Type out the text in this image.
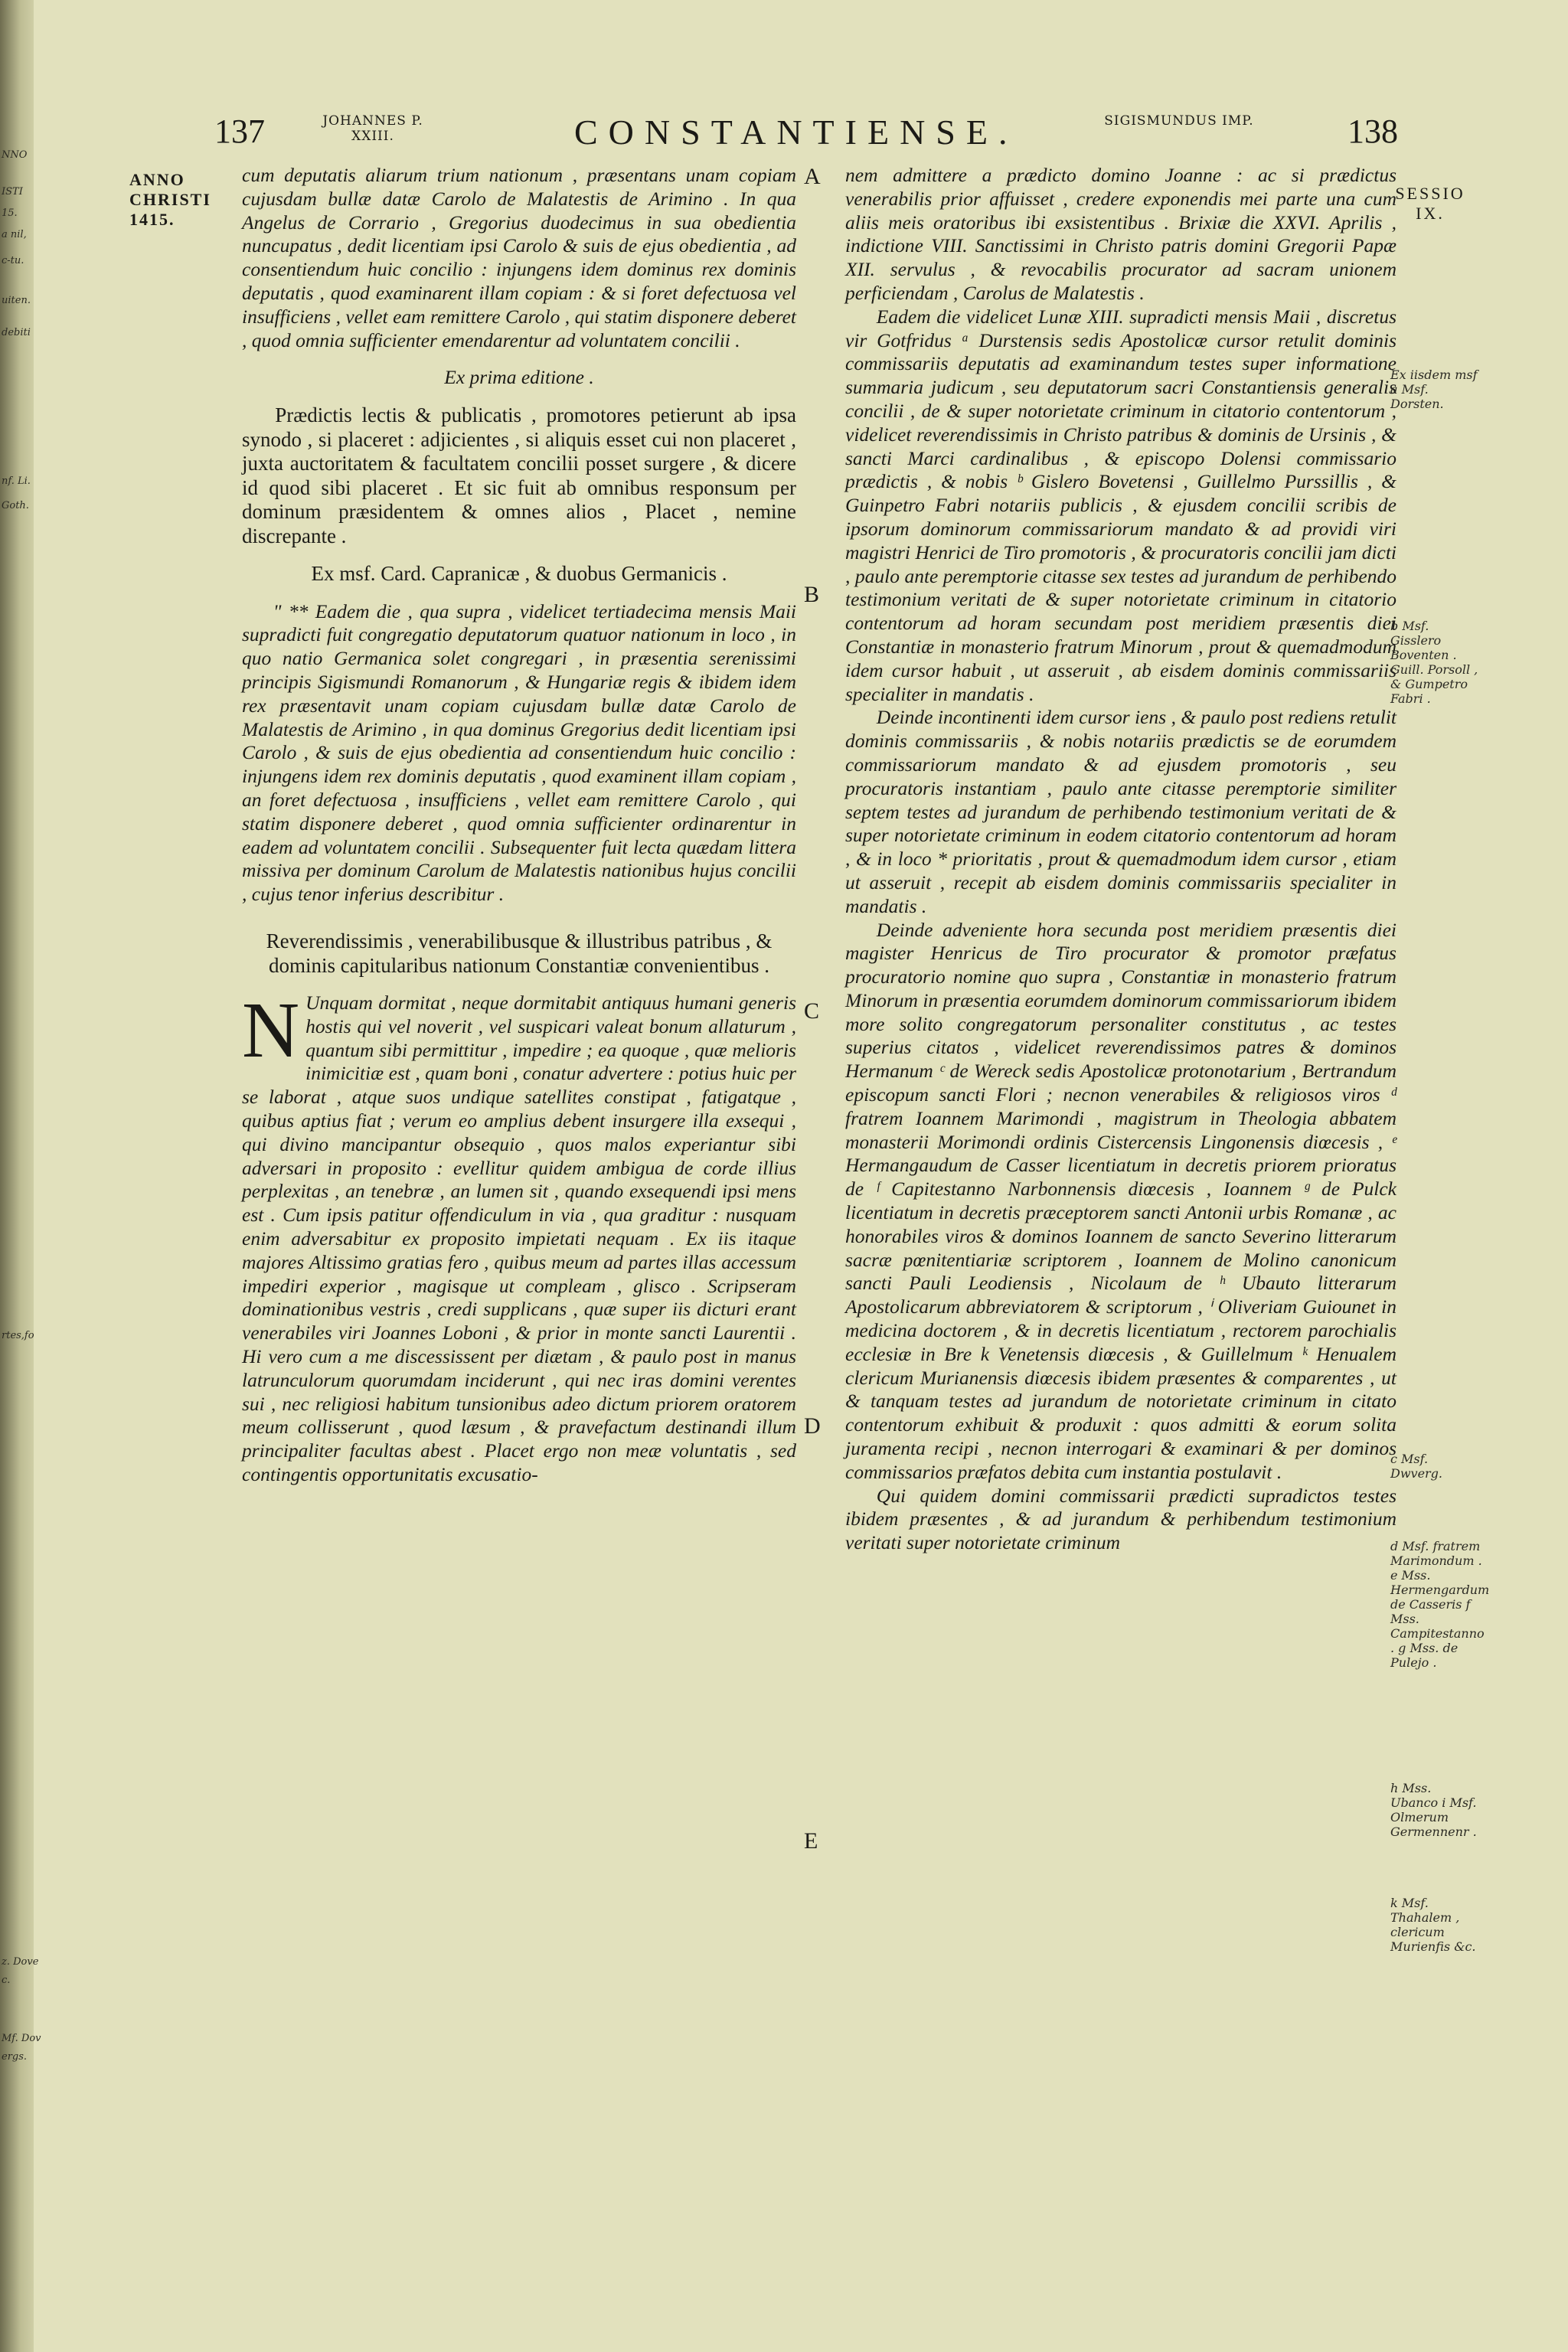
137	JOHANNES P. XXIII.	CONSTANTIENSE.	SIGISMUNDUS IMP.	138
ANNO
CHRISTI
1415.
SESSIO
IX.

cum deputatis aliarum trium nationum , præsentans unam copiam cujusdam bullæ datæ Carolo de Malatestis de Arimino . In qua Angelus de Corrario , Gregorius duodecimus in sua obedientia nuncupatus , dedit licentiam ipsi Carolo & suis de ejus obedientia , ad consentiendum huic concilio : injungens idem dominus rex dominis deputatis , quod examinarent illam copiam : & si foret defectuosa vel insufficiens , vellet eam remittere Carolo , qui statim disponere deberet , quod omnia sufficienter emendarentur ad voluntatem concilii .

Ex prima editione .

Prædictis lectis & publicatis , promotores petierunt ab ipsa synodo , si placeret : adjicientes , si aliquis esset cui non placeret , juxta auctoritatem & facultatem concilii posset surgere , & dicere id quod sibi placeret . Et sic fuit ab omnibus responsum per dominum præsidentem & omnes alios , Placet , nemine discrepante .

Ex msf. Card. Capranicæ , & duobus Germanicis .

" ** Eadem die , qua supra , videlicet tertiadecima mensis Maii supradicti fuit congregatio deputatorum quatuor nationum in loco , in quo natio Germanica solet congregari , in præsentia serenissimi principis Sigismundi Romanorum , & Hungariæ regis & ibidem idem rex præsentavit unam copiam cujusdam bullæ datæ Carolo de Malatestis de Arimino , in qua dominus Gregorius dedit licentiam ipsi Carolo , & suis de ejus obedientia ad consentiendum huic concilio : injungens idem rex dominis deputatis , quod examinent illam copiam , an foret defectuosa , insufficiens , vellet eam remittere Carolo , qui statim disponere deberet , quod omnia sufficienter ordinarentur in eadem ad voluntatem concilii . Subsequenter fuit lecta quædam littera missiva per dominum Carolum de Malatestis nationibus hujus concilii , cujus tenor inferius describitur .

Reverendissimis , venerabilibusque & illustribus patribus , & dominis capitularibus nationum Constantiæ convenientibus .

N Unquam dormitat , neque dormitabit antiquus humani generis hostis qui vel noverit , vel suspicari valeat bonum allaturum , quantum sibi permittitur , impedire ; ea quoque , quæ melioris inimicitiæ est , quam boni , conatur advertere : potius huic per se laborat , atque suos undique satellites constipat , fatigatque , quibus aptius fiat ; verum eo amplius debent insurgere illa exsequi , qui divino mancipantur obsequio , quos malos experiantur sibi adversari in proposito : evellitur quidem ambigua de corde illius perplexitas , an tenebræ , an lumen sit , quando exsequendi ipsi mens est . Cum ipsis patitur offendiculum in via , qua graditur : nusquam enim adversabitur ex proposito impietati nequam . Ex iis itaque majores Altissimo gratias fero , quibus meum ad partes illas accessum impediri experior , magisque ut compleam , glisco . Scripseram dominationibus vestris , credi supplicans , quæ super iis dicturi erant venerabiles viri Joannes Loboni , & prior in monte sancti Laurentii . Hi vero cum a me discessissent per diætam , & paulo post in manus latrunculorum quorumdam inciderunt , qui nec iras domini verentes sui , nec religiosi habitum tunsionibus adeo dictum priorem oratorem meum collisserunt , quod læsum , & pravefactum destinandi illum principaliter facultas abest . Placet ergo non meæ voluntatis , sed contingentis opportunitatis excusatio-

nem admittere a prædicto domino Joanne : ac si prædictus venerabilis prior affuisset , credere exponendis mei parte una cum aliis meis oratoribus ibi exsistentibus . Brixiæ die XXVI. Aprilis , indictione VIII. Sanctissimi in Christo patris domini Gregorii Papæ XII. servulus , & revocabilis procurator ad sacram unionem perficiendam , Carolus de Malatestis .

Eadem die videlicet Lunæ XIII. supradicti mensis Maii , discretus vir Gotfridus ᵃ Durstensis sedis Apostolicæ cursor retulit dominis commissariis deputatis ad examinandum testes super informatione summaria judicum , seu deputatorum sacri Constantiensis generalis concilii , de & super notorietate criminum in citatorio contentorum , videlicet reverendissimis in Christo patribus & dominis de Ursinis , & sancti Marci cardinalibus , & episcopo Dolensi commissario prædictis , & nobis ᵇ Gislero Bovetensi , Guillelmo Purssillis , & Guinpetro Fabri notariis publicis , & ejusdem concilii scribis de ipsorum dominorum commissariorum mandato & ad providi viri magistri Henrici de Tiro promotoris , & procuratoris concilii jam dicti , paulo ante peremptorie citasse sex testes ad jurandum de perhibendo testimonium veritati de & super notorietate criminum in citatorio contentorum ad horam secundam post meridiem præsentis diei Constantiæ in monasterio fratrum Minorum , prout & quemadmodum idem cursor habuit , ut asseruit , ab eisdem dominis commissariis specialiter in mandatis .

Deinde incontinenti idem cursor iens , & paulo post rediens retulit dominis commissariis , & nobis notariis prædictis se de eorumdem commissariorum mandato & ad ejusdem promotoris , seu procuratoris instantiam , paulo ante citasse peremptorie similiter septem testes ad jurandum de perhibendo testimonium veritati de & super notorietate criminum in eodem citatorio contentorum ad horam , & in loco * prioritatis , prout & quemadmodum idem cursor , etiam ut asseruit , recepit ab eisdem dominis commissariis specialiter in mandatis .

Deinde adveniente hora secunda post meridiem præsentis diei magister Henricus de Tiro procurator & promotor præfatus procuratorio nomine quo supra , Constantiæ in monasterio fratrum Minorum in præsentia eorumdem dominorum commissariorum ibidem more solito congregatorum personaliter constitutus , ac testes superius citatos , videlicet reverendissimos patres & dominos Hermanum ᶜ de Wereck sedis Apostolicæ protonotarium , Bertrandum episcopum sancti Flori ; necnon venerabiles & religiosos viros ᵈ fratrem Ioannem Marimondi , magistrum in Theologia abbatem monasterii Morimondi ordinis Cistercensis Lingonensis diœcesis , ᵉ Hermangaudum de Casser licentiatum in decretis priorem prioratus de ᶠ Capitestanno Narbonnensis diœcesis , Ioannem ᵍ de Pulck licentiatum in decretis præceptorem sancti Antonii urbis Romanæ , ac honorabiles viros & dominos Ioannem de sancto Severino litterarum sacræ pœnitentiariæ scriptorem , Ioannem de Molino canonicum sancti Pauli Leodiensis , Nicolaum de ʰ Ubauto litterarum Apostolicarum abbreviatorem & scriptorum , ⁱ Oliveriam Guiounet in medicina doctorem , & in decretis licentiatum , rectorem parochialis ecclesiæ in Bre k Venetensis diœcesis , & Guillelmum ᵏ Henualem clericum Murianensis diœcesis ibidem præsentes & comparentes , ut & tanquam testes ad jurandum de notorietate criminum in citato contentorum exhibuit & produxit : quos admitti & eorum solita juramenta recipi , necnon interrogari & examinari & per dominos commissarios præfatos debita cum instantia postulavit .

Qui quidem domini commissarii prædicti supradictos testes ibidem præsentes , & ad jurandum & perhibendum testimonium veritati super notorietate criminum

A
B
C
D
E
Ex iisdem msf a Msf. Dorsten.
b Msf. Gisslero Boventen . Guill. Porsoll , & Gumpetro Fabri .
c Msf. Dwverg.
d Msf. fratrem Marimondum . e Mss. Hermengardum de Casseris f Mss. Campitestanno . g Mss. de Pulejo .
h Mss. Ubanco i Msf. Olmerum Germennenr .
k Msf. Thahalem , clericum Murienfis &c.
NNO
ISTI
15.
a nil,
c-tu.
uiten.
debiti
nf. Li.
Goth.
rtes,fo
z. Dove
c.
Mf. Dov
ergs.
